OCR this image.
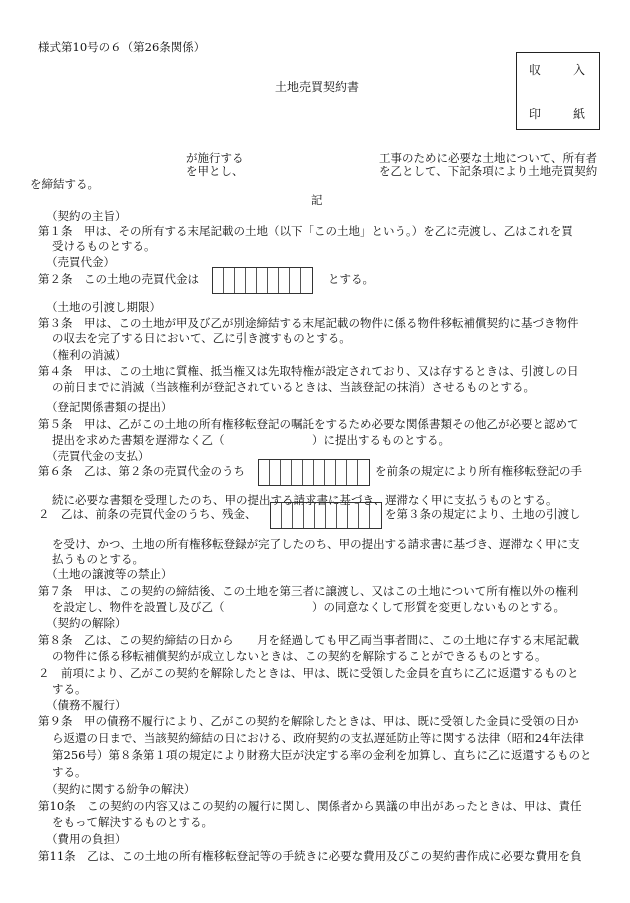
様式第10号の６（第26条関係）
土地売買契約書
収	入
印	紙
が施行する	工事のために必要な土地について、所有者
を甲とし、	を乙として、下記条項により土地売買契約
を締結する。
記
（契約の主旨）
第１条　甲は、その所有する末尾記載の土地（以下「この土地」という。）を乙に売渡し、乙はこれを買
受けるものとする。
（売買代金）
第２条　この土地の売買代金は	とする。
（土地の引渡し期限）
第３条　甲は、この土地が甲及び乙が別途締結する末尾記載の物件に係る物件移転補償契約に基づき物件
の収去を完了する日において、乙に引き渡すものとする。
（権利の消滅）
第４条　甲は、この土地に質権、抵当権又は先取特権が設定されており、又は存するときは、引渡しの日
の前日までに消滅（当該権利が登記されているときは、当該登記の抹消）させるものとする。
（登記関係書類の提出）
第５条　甲は、乙がこの土地の所有権移転登記の嘱託をするため必要な関係書類その他乙が必要と認めて
提出を求めた書類を遅滞なく乙（	）に提出するものとする。
（売買代金の支払）
第６条　乙は、第２条の売買代金のうち	を前条の規定により所有権移転登記の手
続に必要な書類を受理したのち、甲の提出する請求書に基づき、遅滞なく甲に支払うものとする。
２　乙は、前条の売買代金のうち、残金、	を第３条の規定により、土地の引渡し
を受け、かつ、土地の所有権移転登録が完了したのち、甲の提出する請求書に基づき、遅滞なく甲に支
払うものとする。
（土地の譲渡等の禁止）
第７条　甲は、この契約の締結後、この土地を第三者に譲渡し、又はこの土地について所有権以外の権利
を設定し、物件を設置し及び乙（	）の同意なくして形質を変更しないものとする。
（契約の解除）
第８条　乙は、この契約締結の日から 月を経過しても甲乙両当事者間に、この土地に存する末尾記載
の物件に係る移転補償契約が成立しないときは、この契約を解除することができるものとする。
２　前項により、乙がこの契約を解除したときは、甲は、既に受領した金員を直ちに乙に返還するものと
する。
（債務不履行）
第９条　甲の債務不履行により、乙がこの契約を解除したときは、甲は、既に受領した金員に受領の日か
ら返還の日まで、当該契約締結の日における、政府契約の支払遅延防止等に関する法律（昭和24年法律
第256号）第８条第１項の規定により財務大臣が決定する率の金利を加算し、直ちに乙に返還するものと
する。
（契約に関する紛争の解決）
第10条　この契約の内容又はこの契約の履行に関し、関係者から異議の申出があったときは、甲は、責任
をもって解決するものとする。
（費用の負担）
第11条　乙は、この土地の所有権移転登記等の手続きに必要な費用及びこの契約書作成に必要な費用を負
